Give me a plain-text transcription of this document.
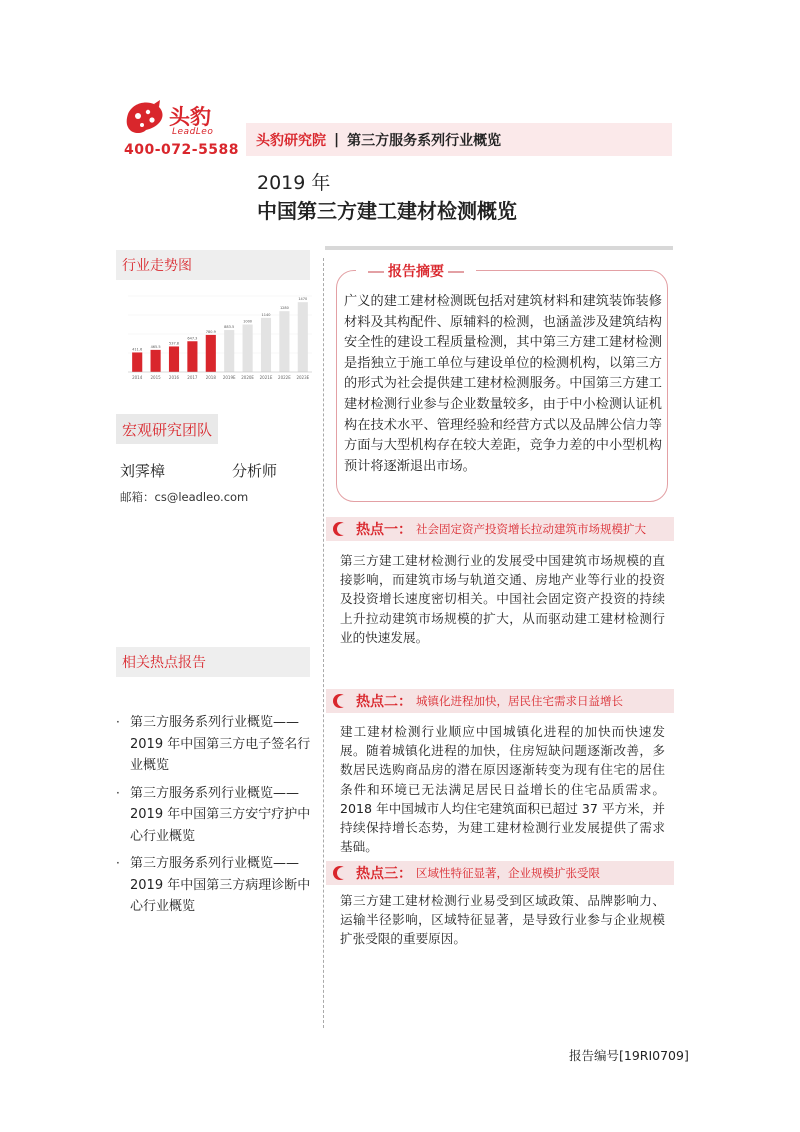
头豹
LeadLeo
400-072-5588
头豹研究院 | 第三方服务系列行业概览
2019 年
中国第三方建工建材检测概览
行业走势图
411.6
2014
465.5
2015
537.8
2016
647.3
2017
780.9
2018
883.5
2019E
1000
2020E
1140
2021E
1280
2022E
1470
2023E
宏观研究团队
刘霁樟	分析师
邮箱：cs@leadleo.com
相关热点报告
· 第三方服务系列行业概览——2019 年中国第三方电子签名行业概览
· 第三方服务系列行业概览——2019 年中国第三方安宁疗护中心行业概览
· 第三方服务系列行业概览——2019 年中国第三方病理诊断中心行业概览
报告摘要
广义的建工建材检测既包括对建筑材料和建筑装饰装修材料及其构配件、原辅料的检测，也涵盖涉及建筑结构安全性的建设工程质量检测，其中第三方建工建材检测是指独立于施工单位与建设单位的检测机构，以第三方的形式为社会提供建工建材检测服务。中国第三方建工建材检测行业参与企业数量较多，由于中小检测认证机构在技术水平、管理经验和经营方式以及品牌公信力等方面与大型机构存在较大差距，竞争力差的中小型机构预计将逐渐退出市场。
热点一： 社会固定资产投资增长拉动建筑市场规模扩大
第三方建工建材检测行业的发展受中国建筑市场规模的直接影响，而建筑市场与轨道交通、房地产业等行业的投资及投资增长速度密切相关。中国社会固定资产投资的持续上升拉动建筑市场规模的扩大，从而驱动建工建材检测行业的快速发展。
热点二： 城镇化进程加快，居民住宅需求日益增长
建工建材检测行业顺应中国城镇化进程的加快而快速发展。随着城镇化进程的加快，住房短缺问题逐渐改善，多数居民选购商品房的潜在原因逐渐转变为现有住宅的居住条件和环境已无法满足居民日益增长的住宅品质需求。2018 年中国城市人均住宅建筑面积已超过 37 平方米，并持续保持增长态势，为建工建材检测行业发展提供了需求基础。
热点三： 区域性特征显著，企业规模扩张受限
第三方建工建材检测行业易受到区域政策、品牌影响力、运输半径影响，区域特征显著，是导致行业参与企业规模扩张受限的重要原因。
报告编号[19RI0709]
